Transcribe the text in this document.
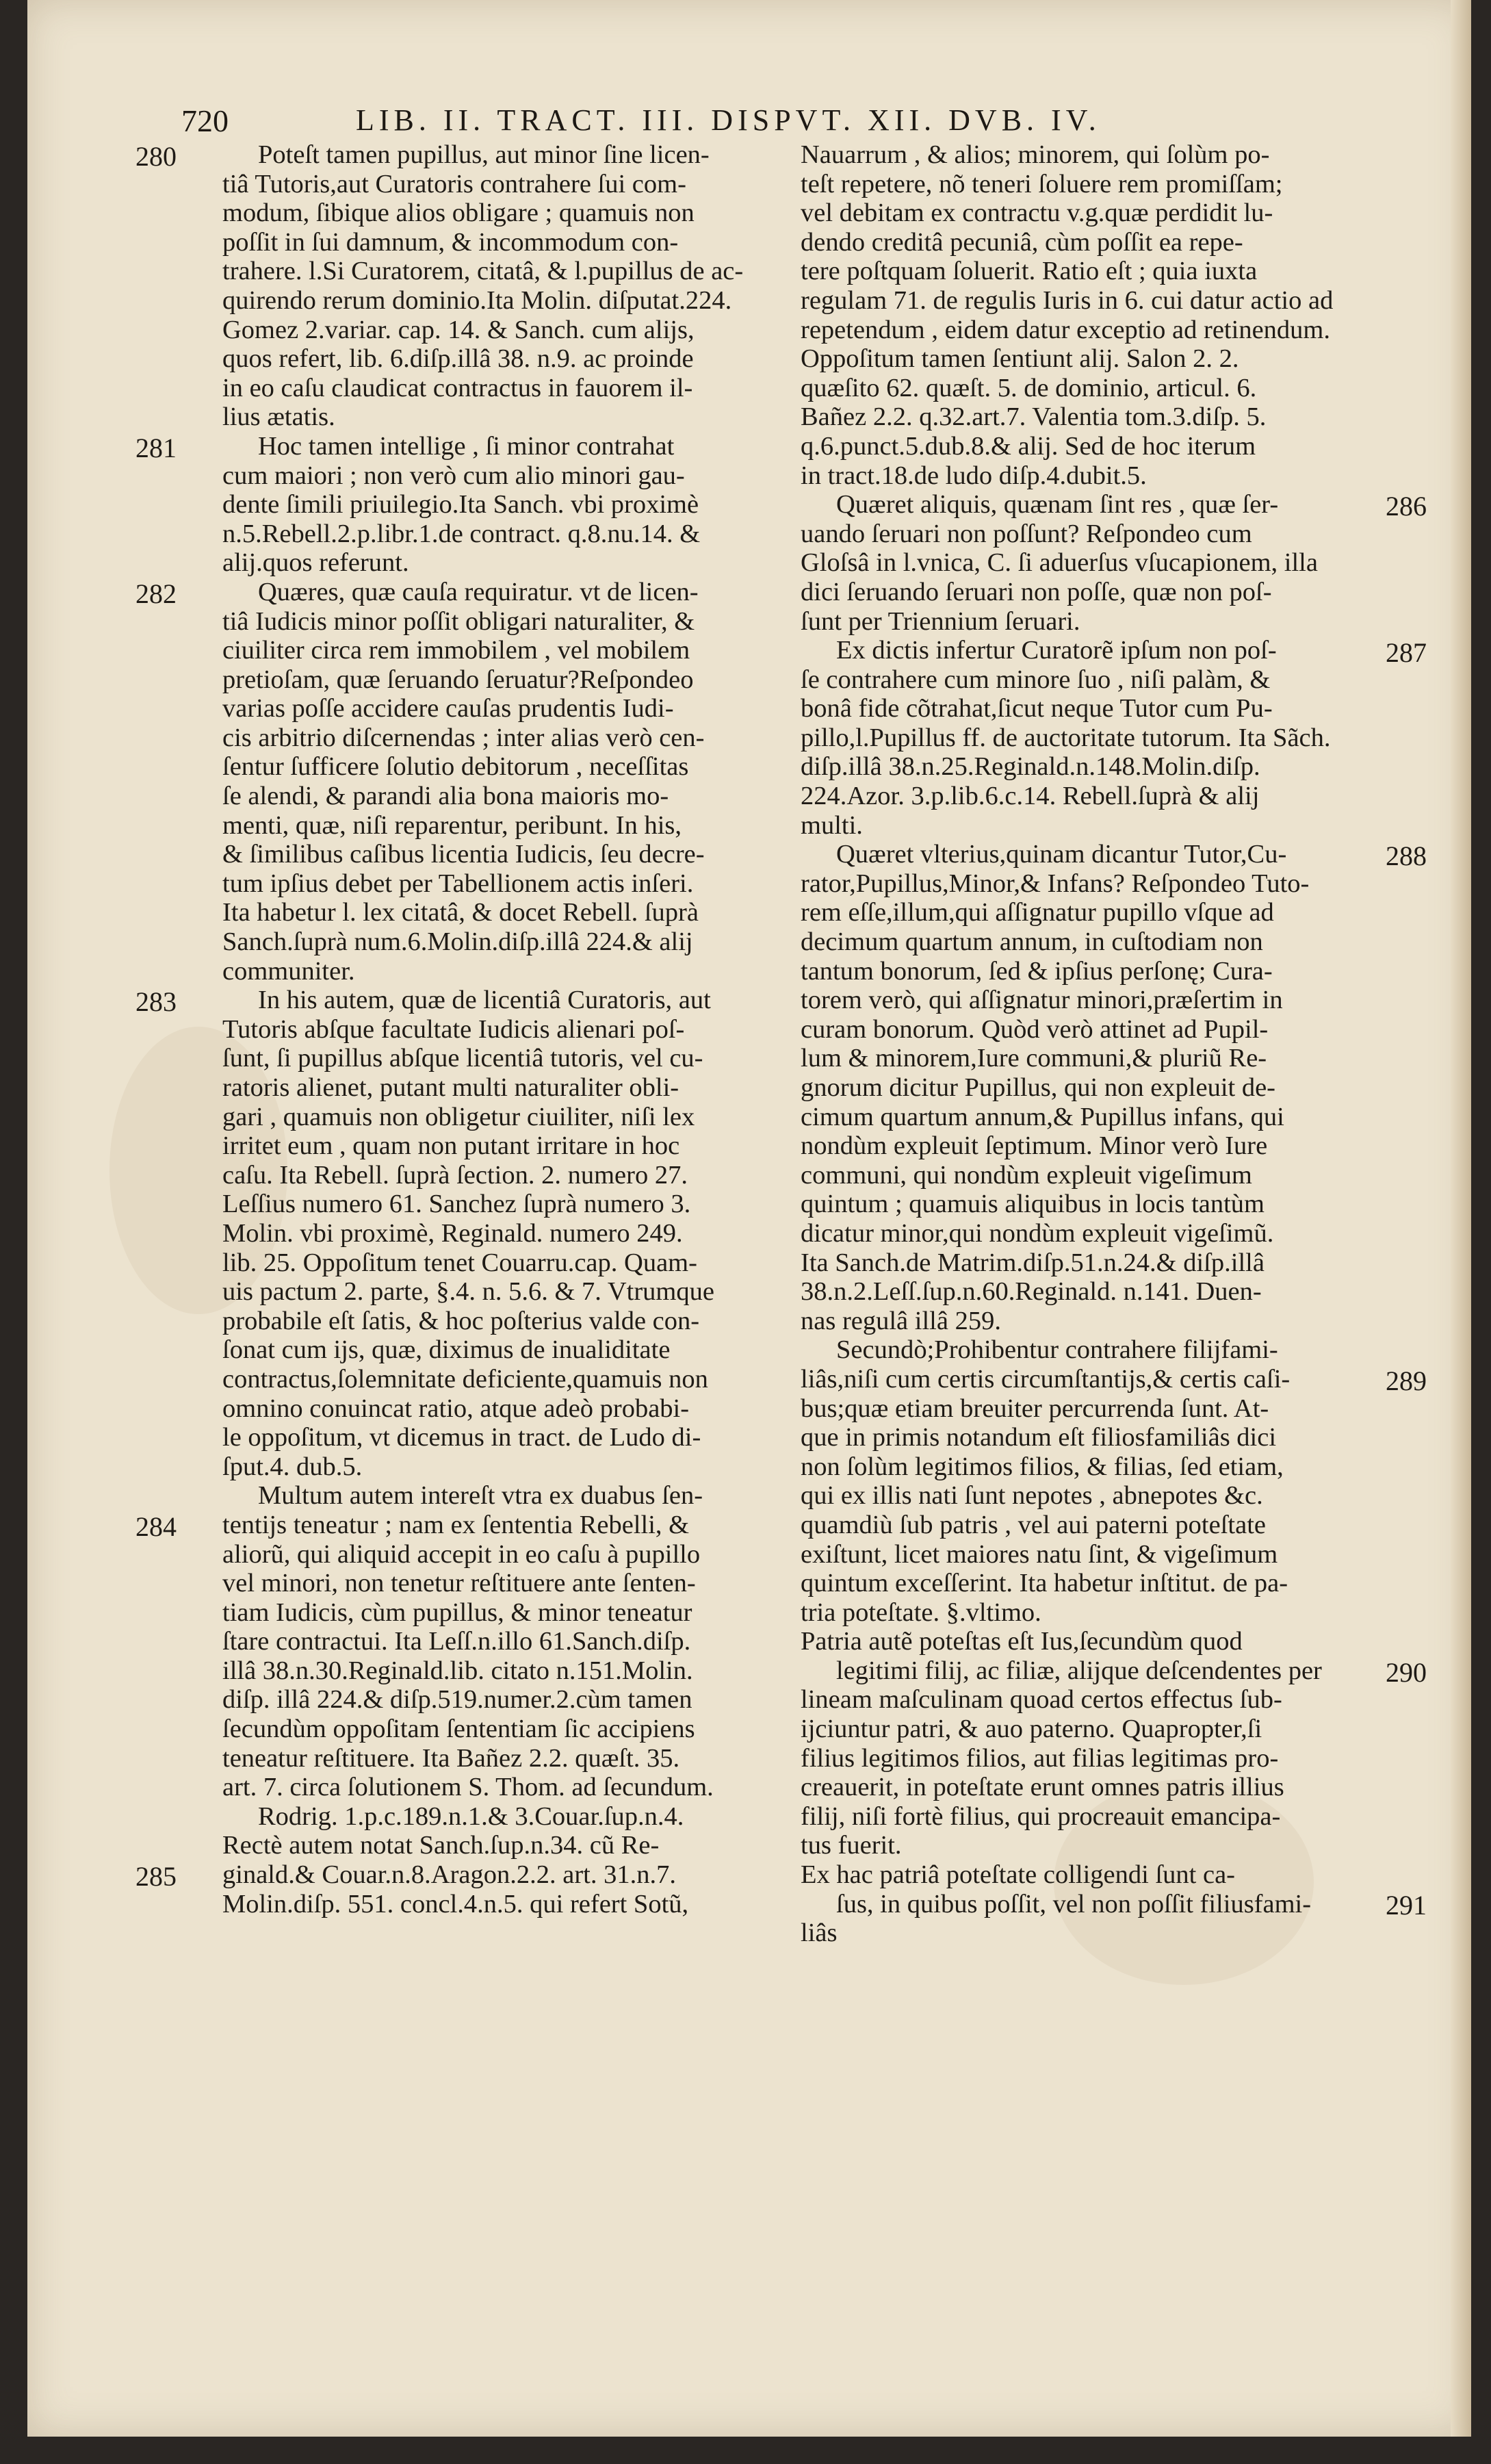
720	LIB. II. TRACT. III. DISPVT. XII. DVB. IV.
280
281
282
283
284
285
286
287
288
289
290
291
Poteſt tamen pupillus, aut minor ſine licen-
tiâ Tutoris,aut Curatoris contrahere ſui com-
modum, ſibique alios obligare ; quamuis non
poſſit in ſui damnum, & incommodum con-
trahere. l.Si Curatorem, citatâ, & l.pupillus de ac-
quirendo rerum dominio.Ita Molin. diſputat.224.
Gomez 2.variar. cap. 14. & Sanch. cum alijs,
quos refert, lib. 6.diſp.illâ 38. n.9. ac proinde
in eo caſu claudicat contractus in fauorem il-
lius ætatis.
Hoc tamen intellige , ſi minor contrahat
cum maiori ; non verò cum alio minori gau-
dente ſimili priuilegio.Ita Sanch. vbi proximè
n.5.Rebell.2.p.libr.1.de contract. q.8.nu.14. &
alij.quos referunt.
Quæres, quæ cauſa requiratur. vt de licen-
tiâ Iudicis minor poſſit obligari naturaliter, &
ciuiliter circa rem immobilem , vel mobilem
pretioſam, quæ ſeruando ſeruatur?Reſpondeo
varias poſſe accidere cauſas prudentis Iudi-
cis arbitrio diſcernendas ; inter alias verò cen-
ſentur ſufficere ſolutio debitorum , neceſſitas
ſe alendi, & parandi alia bona maioris mo-
menti, quæ, niſi reparentur, peribunt. In his,
& ſimilibus caſibus licentia Iudicis, ſeu decre-
tum ipſius debet per Tabellionem actis inſeri.
Ita habetur l. lex citatâ, & docet Rebell. ſuprà
Sanch.ſuprà num.6.Molin.diſp.illâ 224.& alij
communiter.
In his autem, quæ de licentiâ Curatoris, aut
Tutoris abſque facultate Iudicis alienari poſ-
ſunt, ſi pupillus abſque licentiâ tutoris, vel cu-
ratoris alienet, putant multi naturaliter obli-
gari , quamuis non obligetur ciuiliter, niſi lex
irritet eum , quam non putant irritare in hoc
caſu. Ita Rebell. ſuprà ſection. 2. numero 27.
Leſſius numero 61. Sanchez ſuprà numero 3.
Molin. vbi proximè, Reginald. numero 249.
lib. 25. Oppoſitum tenet Couarru.cap. Quam-
uis pactum 2. parte, §.4. n. 5.6. & 7. Vtrumque
probabile eſt ſatis, & hoc poſterius valde con-
ſonat cum ijs, quæ, diximus de inualiditate
contractus,ſolemnitate deficiente,quamuis non
omnino conuincat ratio, atque adeò probabi-
le oppoſitum, vt dicemus in tract. de Ludo di-
ſput.4. dub.5.
Multum autem intereſt vtra ex duabus ſen-
tentijs teneatur ; nam ex ſententia Rebelli, &
aliorũ, qui aliquid accepit in eo caſu à pupillo
vel minori, non tenetur reſtituere ante ſenten-
tiam Iudicis, cùm pupillus, & minor teneatur
ſtare contractui. Ita Leſſ.n.illo 61.Sanch.diſp.
illâ 38.n.30.Reginald.lib. citato n.151.Molin.
diſp. illâ 224.& diſp.519.numer.2.cùm tamen
ſecundùm oppoſitam ſententiam ſic accipiens
teneatur reſtituere. Ita Bañez 2.2. quæſt. 35.
art. 7. circa ſolutionem S. Thom. ad ſecundum.
Rodrig. 1.p.c.189.n.1.& 3.Couar.ſup.n.4.
Rectè autem notat Sanch.ſup.n.34. cũ Re-
ginald.& Couar.n.8.Aragon.2.2. art. 31.n.7.
Molin.diſp. 551. concl.4.n.5. qui refert Sotũ,
Nauarrum , & alios; minorem, qui ſolùm po-
teſt repetere, nõ teneri ſoluere rem promiſſam;
vel debitam ex contractu v.g.quæ perdidit lu-
dendo creditâ pecuniâ, cùm poſſit ea repe-
tere poſtquam ſoluerit. Ratio eſt ; quia iuxta
regulam 71. de regulis Iuris in 6. cui datur actio ad
repetendum , eidem datur exceptio ad retinendum.
Oppoſitum tamen ſentiunt alij. Salon 2. 2.
quæſito 62. quæſt. 5. de dominio, articul. 6.
Bañez 2.2. q.32.art.7. Valentia tom.3.diſp. 5.
q.6.punct.5.dub.8.& alij. Sed de hoc iterum
in tract.18.de ludo diſp.4.dubit.5.
Quæret aliquis, quænam ſint res , quæ ſer-
uando ſeruari non poſſunt? Reſpondeo cum
Gloſsâ in l.vnica, C. ſi aduerſus vſucapionem, illa
dici ſeruando ſeruari non poſſe, quæ non poſ-
ſunt per Triennium ſeruari.
Ex dictis infertur Curatorẽ ipſum non poſ-
ſe contrahere cum minore ſuo , niſi palàm, &
bonâ fide cõtrahat,ſicut neque Tutor cum Pu-
pillo,l.Pupillus ff. de auctoritate tutorum. Ita Sãch.
diſp.illâ 38.n.25.Reginald.n.148.Molin.diſp.
224.Azor. 3.p.lib.6.c.14. Rebell.ſuprà & alij
multi.
Quæret vlterius,quinam dicantur Tutor,Cu-
rator,Pupillus,Minor,& Infans? Reſpondeo Tuto-
rem eſſe,illum,qui aſſignatur pupillo vſque ad
decimum quartum annum, in cuſtodiam non
tantum bonorum, ſed & ipſius perſonę; Cura-
torem verò, qui aſſignatur minori,præſertim in
curam bonorum. Quòd verò attinet ad Pupil-
lum & minorem,Iure communi,& pluriũ Re-
gnorum dicitur Pupillus, qui non expleuit de-
cimum quartum annum,& Pupillus infans, qui
nondùm expleuit ſeptimum. Minor verò Iure
communi, qui nondùm expleuit vigeſimum
quintum ; quamuis aliquibus in locis tantùm
dicatur minor,qui nondùm expleuit vigeſimũ.
Ita Sanch.de Matrim.diſp.51.n.24.& diſp.illâ
38.n.2.Leſſ.ſup.n.60.Reginald. n.141. Duen-
nas regulâ illâ 259.
Secundò;Prohibentur contrahere filijfami-
liâs,niſi cum certis circumſtantijs,& certis caſi-
bus;quæ etiam breuiter percurrenda ſunt. At-
que in primis notandum eſt filiosfamiliâs dici
non ſolùm legitimos filios, & filias, ſed etiam,
qui ex illis nati ſunt nepotes , abnepotes &c.
quamdiù ſub patris , vel aui paterni poteſtate
exiſtunt, licet maiores natu ſint, & vigeſimum
quintum exceſſerint. Ita habetur inſtitut. de pa-
tria poteſtate. §.vltimo.
Patria autẽ poteſtas eſt Ius,ſecundùm quod
legitimi filij, ac filiæ, alijque deſcendentes per
lineam maſculinam quoad certos effectus ſub-
ijciuntur patri, & auo paterno. Quapropter,ſi
filius legitimos filios, aut filias legitimas pro-
creauerit, in poteſtate erunt omnes patris illius
filij, niſi fortè filius, qui procreauit emancipa-
tus fuerit.
Ex hac patriâ poteſtate colligendi ſunt ca-
ſus, in quibus poſſit, vel non poſſit filiusfami-
liâs
